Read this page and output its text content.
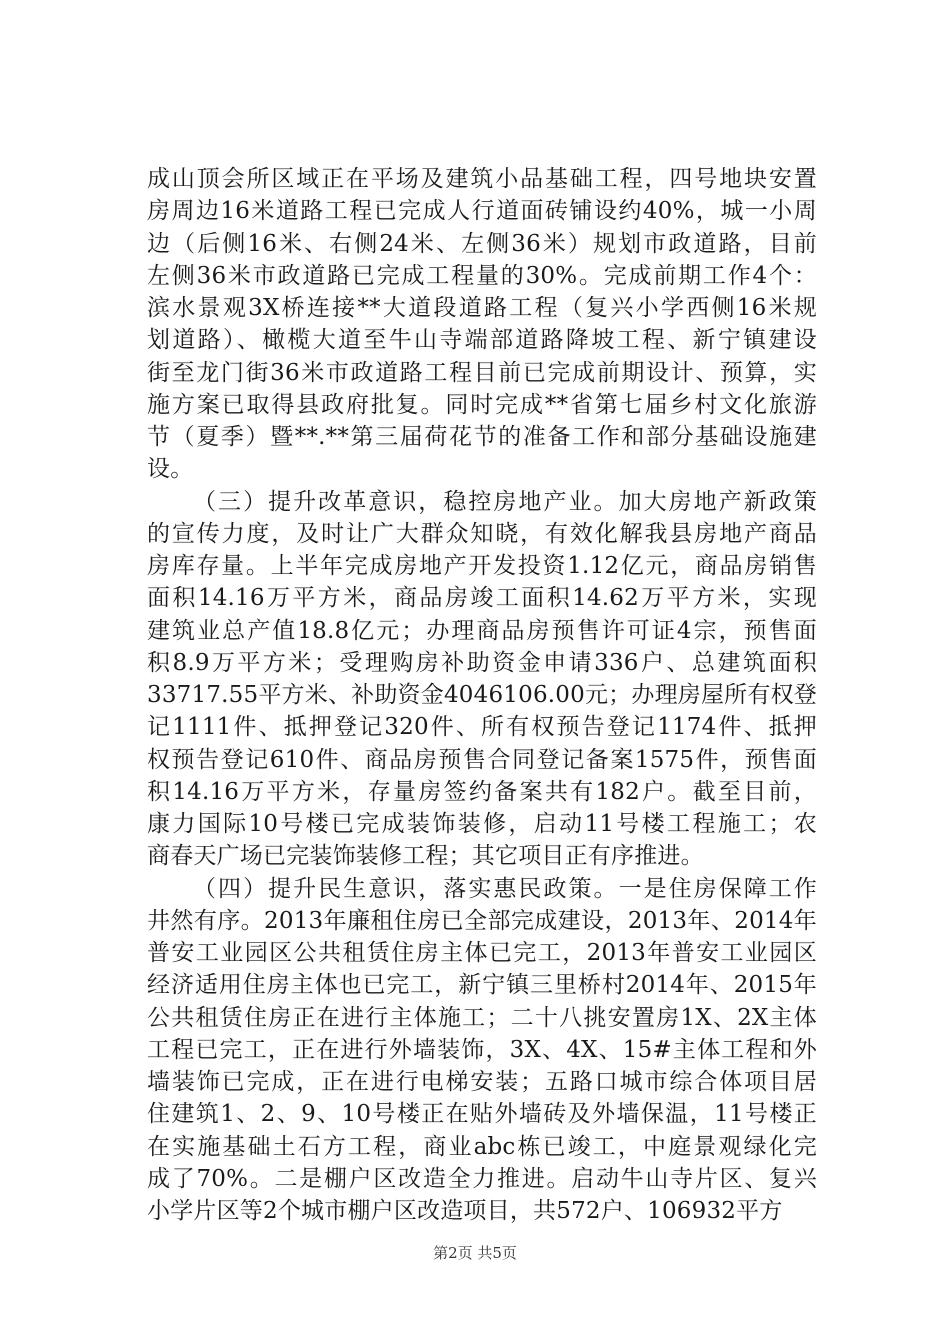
成山顶会所区域正在平场及建筑小品基础工程，四号地块安置
房周边16米道路工程已完成人行道面砖铺设约40%，城一小周
边（后侧16米、右侧24米、左侧36米）规划市政道路，目前
左侧36米市政道路已完成工程量的30%。完成前期工作4个：
滨水景观3X桥连接**大道段道路工程（复兴小学西侧16米规
划道路）、橄榄大道至牛山寺端部道路降坡工程、新宁镇建设
街至龙门街36米市政道路工程目前已完成前期设计、预算，实
施方案已取得县政府批复。同时完成**省第七届乡村文化旅游
节（夏季）暨**.**第三届荷花节的准备工作和部分基础设施建
设。
（三）提升改革意识，稳控房地产业。加大房地产新政策
的宣传力度，及时让广大群众知晓，有效化解我县房地产商品
房库存量。上半年完成房地产开发投资1.12亿元，商品房销售
面积14.16万平方米，商品房竣工面积14.62万平方米，实现
建筑业总产值18.8亿元；办理商品房预售许可证4宗，预售面
积8.9万平方米；受理购房补助资金申请336户、总建筑面积
33717.55平方米、补助资金4046106.00元；办理房屋所有权登
记1111件、抵押登记320件、所有权预告登记1174件、抵押
权预告登记610件、商品房预售合同登记备案1575件，预售面
积14.16万平方米，存量房签约备案共有182户。截至目前，
康力国际10号楼已完成装饰装修，启动11号楼工程施工；农
商春天广场已完装饰装修工程；其它项目正有序推进。
（四）提升民生意识，落实惠民政策。一是住房保障工作
井然有序。2013年廉租住房已全部完成建设，2013年、2014年
普安工业园区公共租赁住房主体已完工，2013年普安工业园区
经济适用住房主体也已完工，新宁镇三里桥村2014年、2015年
公共租赁住房正在进行主体施工；二十八挑安置房1X、2X主体
工程已完工，正在进行外墙装饰，3X、4X、15#主体工程和外
墙装饰已完成，正在进行电梯安装；五路口城市综合体项目居
住建筑1、2、9、10号楼正在贴外墙砖及外墙保温，11号楼正
在实施基础土石方工程，商业abc栋已竣工，中庭景观绿化完
成了70%。二是棚户区改造全力推进。启动牛山寺片区、复兴
小学片区等2个城市棚户区改造项目，共572户、106932平方
第2页 共5页
